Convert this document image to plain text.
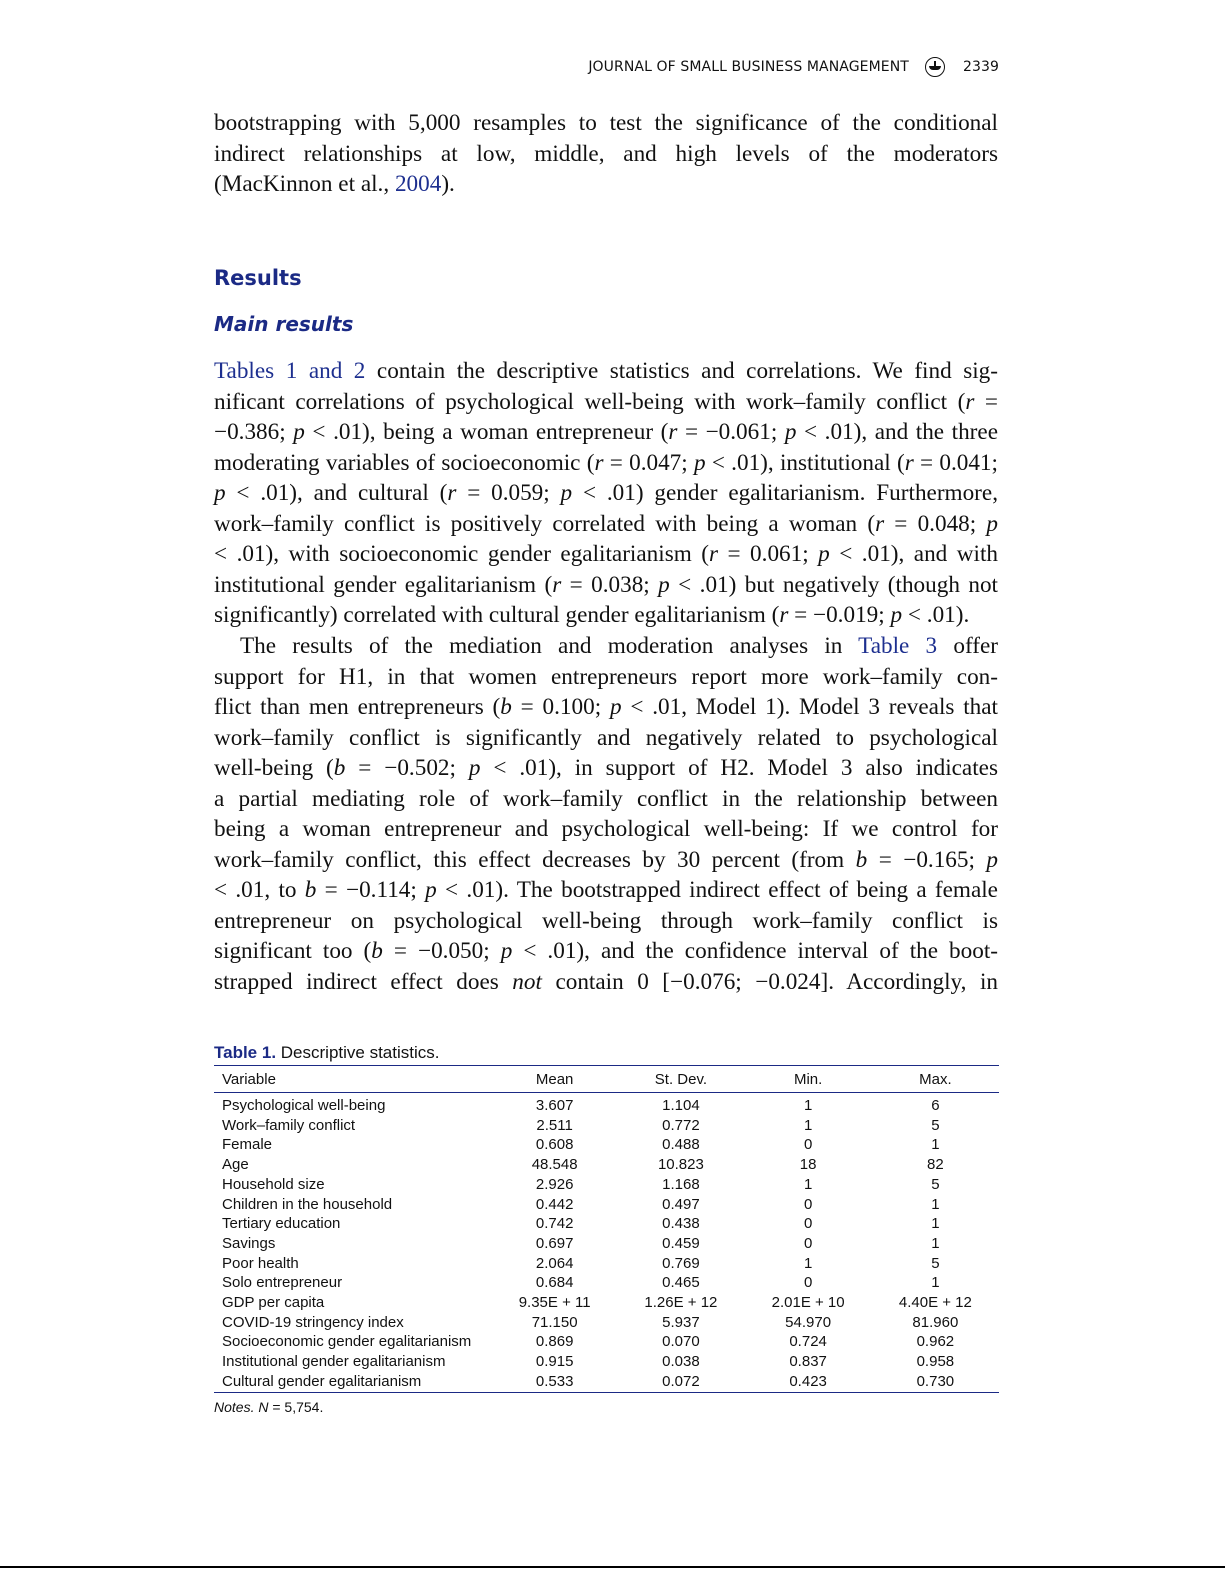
JOURNAL OF SMALL BUSINESS MANAGEMENT	2339
bootstrapping with 5,000 resamples to test the significance of the conditional
indirect relationships at low, middle, and high levels of the moderators
(MacKinnon et al., 2004).
Results
Main results
Tables 1 and 2 contain the descriptive statistics and correlations. We find sig-
nificant correlations of psychological well-being with work–family conflict (r =
−0.386; p < .01), being a woman entrepreneur (r = −0.061; p < .01), and the three
moderating variables of socioeconomic (r = 0.047; p < .01), institutional (r = 0.041;
p < .01), and cultural (r = 0.059; p < .01) gender egalitarianism. Furthermore,
work–family conflict is positively correlated with being a woman (r = 0.048; p
< .01), with socioeconomic gender egalitarianism (r = 0.061; p < .01), and with
institutional gender egalitarianism (r = 0.038; p < .01) but negatively (though not
significantly) correlated with cultural gender egalitarianism (r = −0.019; p < .01).
The results of the mediation and moderation analyses in Table 3 offer
support for H1, in that women entrepreneurs report more work–family con-
flict than men entrepreneurs (b = 0.100; p < .01, Model 1). Model 3 reveals that
work–family conflict is significantly and negatively related to psychological
well-being (b = −0.502; p < .01), in support of H2. Model 3 also indicates
a partial mediating role of work–family conflict in the relationship between
being a woman entrepreneur and psychological well-being: If we control for
work–family conflict, this effect decreases by 30 percent (from b = −0.165; p
< .01, to b = −0.114; p < .01). The bootstrapped indirect effect of being a female
entrepreneur on psychological well-being through work–family conflict is
significant too (b = −0.050; p < .01), and the confidence interval of the boot-
strapped indirect effect does not contain 0 [−0.076; −0.024]. Accordingly, in
Table 1. Descriptive statistics.
Variable	Mean	St. Dev.	Min.	Max.
Psychological well-being	3.607	1.104	1	6
Work–family conflict	2.511	0.772	1	5
Female	0.608	0.488	0	1
Age	48.548	10.823	18	82
Household size	2.926	1.168	1	5
Children in the household	0.442	0.497	0	1
Tertiary education	0.742	0.438	0	1
Savings	0.697	0.459	0	1
Poor health	2.064	0.769	1	5
Solo entrepreneur	0.684	0.465	0	1
GDP per capita	9.35E + 11	1.26E + 12	2.01E + 10	4.40E + 12
COVID-19 stringency index	71.150	5.937	54.970	81.960
Socioeconomic gender egalitarianism	0.869	0.070	0.724	0.962
Institutional gender egalitarianism	0.915	0.038	0.837	0.958
Cultural gender egalitarianism	0.533	0.072	0.423	0.730
Notes. N = 5,754.
